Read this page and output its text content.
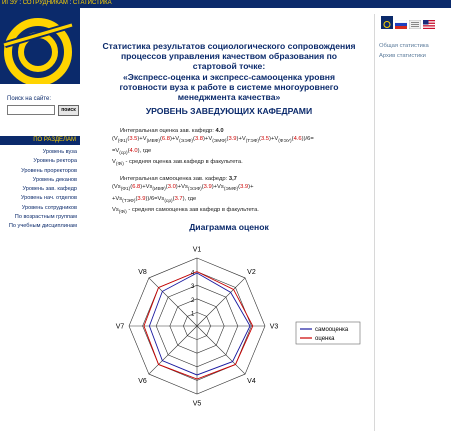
ИГЭУ : СОТРУДНИКАМ : СТАТИСТИКА
Поиск на сайте:
поиск
ПО РАЗДЕЛАМ
Уровень вуза
Уровень ректора
Уровень проректоров
Уровень деканов
Уровень зав. кафедр
Уровень нач. отделов
Уровень сотрудников
По возрастным группам
По учебным дисциплинам
Статистика результатов социологического сопровождения
процессов управления качеством образования по
стартовой точке:
«Экспресс-оценка и экспресс-самооценка уровня
готовности вуза к работе в системе многоуровнего
менеджмента качества»
УРОВЕНЬ ЗАВЕДУЮЩИХ КАФЕДРАМИ
Интегральная оценка зав. кафедр: 4.0
$(V_{(Ф1)}(3.5)+V_{(ИВФ)}(6.8)+V_{(ЭЭФ)}(3.8)+V_{(ЭМФ)}(3.9)+V_{(ТЭФ)}(3.5)+V_{(ФЭУ)}(4.6))/6=$
$=V_{(ср)}(4.0)$, где
$V_{(Фi)}$ - средняя оценка зав.кафедр в факультета.
Интегральная самооценка зав. кафедр: 3,7
($Vs_{(Ф1)}(6.8)+Vs_{(ИВФ)}(3.0)+Vs_{(ЭЭФ)}(3.9)+Vs_{(ЭМФ)}(3.9)+$
$+Vs_{(ТЭФ)}(3.9))/6=Vs_{(ср)}(3.7)$, где
$Vs_{(Фi)}$ - средняя самооценка зав кафедр в факультета.
Диаграмма оценок
1
2
3
4
V1
V2
V3
V4
V5
V6
V7
V8
самооценка
оценка
Общая статистика
Архив статистики
